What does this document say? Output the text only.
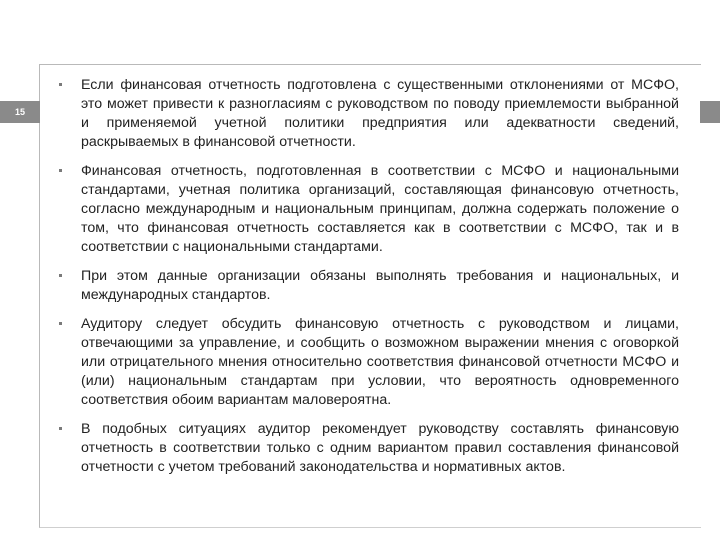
15
Если финансовая отчетность подготовлена с существенными отклонениями от МСФО, это может привести к разногласиям с руководством по поводу приемлемости выбранной и применяемой учетной политики предприятия или адекватности сведений, раскрываемых в финансовой отчетности.
Финансовая отчетность, подготовленная в соответствии с МСФО и национальными стандартами, учетная политика организаций, составляющая финансовую отчетность, согласно международным и национальным принципам, должна содержать положение о том, что финансовая отчетность составляется как в соответствии с МСФО, так и в соответствии с национальными стандартами.
При этом данные организации обязаны выполнять требования и национальных, и международных стандартов.
Аудитору следует обсудить финансовую отчетность с руководством и лицами, отвечающими за управление, и сообщить о возможном выражении мнения с оговоркой или отрицательного мнения относительно соответствия финансовой отчетности МСФО и (или) национальным стандартам при условии, что вероятность одновременного соответствия обоим вариантам маловероятна.
В подобных ситуациях аудитор рекомендует руководству составлять финансовую отчетность в соответствии только с одним вариантом правил составления финансовой отчетности с учетом требований законодательства и нормативных актов.
